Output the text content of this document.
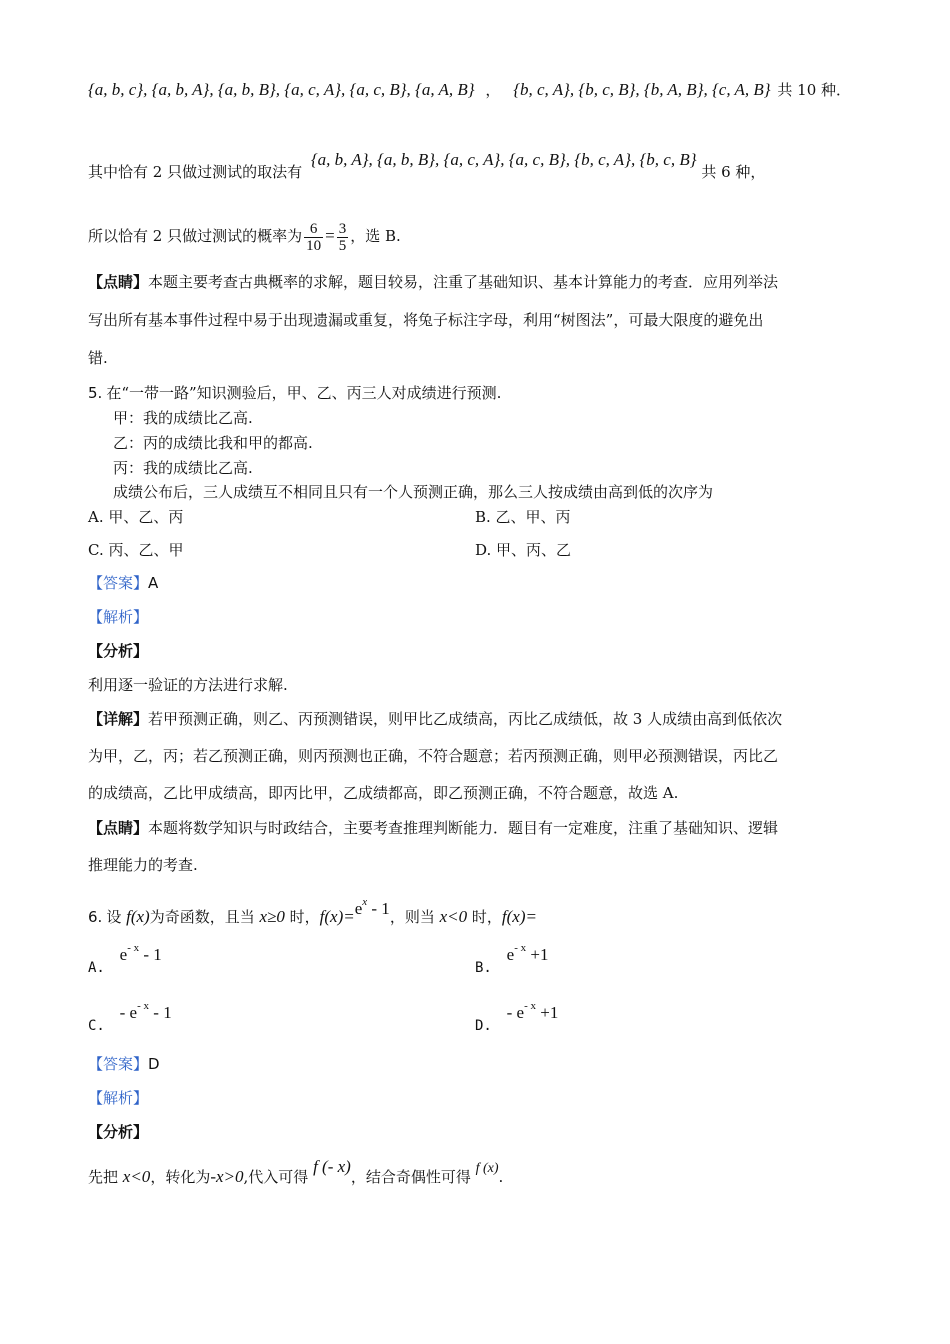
{a, b, c}, {a, b, A}, {a, b, B}, {a, c, A}, {a, c, B}, {a, A, B} ， {b, c, A}, {b, c, B}, {b, A, B}, {c, A, B} 共 10 种．
其中恰有 2 只做过测试的取法有 {a, b, A}, {a, b, B}, {a, c, A}, {a, c, B}, {b, c, A}, {b, c, B} 共 6 种，
所以恰有 2 只做过测试的概率为 $\frac{6}{10} = \frac{3}{5}$ ，选 B.
【点睛】本题主要考查古典概率的求解，题目较易，注重了基础知识、基本计算能力的考查．应用列举法
写出所有基本事件过程中易于出现遗漏或重复，将兔子标注字母，利用“树图法”，可最大限度的避免出
错.
5. 在“一带一路”知识测验后，甲、乙、丙三人对成绩进行预测.
甲：我的成绩比乙高.
乙：丙的成绩比我和甲的都高.
丙：我的成绩比乙高.
成绩公布后，三人成绩互不相同且只有一个人预测正确，那么三人按成绩由高到低的次序为
A. 甲、乙、丙	B. 乙、甲、丙
C. 丙、乙、甲	D. 甲、丙、乙
【答案】A
【解析】
【分析】
利用逐一验证的方法进行求解.
【详解】若甲预测正确，则乙、丙预测错误，则甲比乙成绩高，丙比乙成绩低，故 3 人成绩由高到低依次
为甲，乙，丙；若乙预测正确，则丙预测也正确，不符合题意；若丙预测正确，则甲必预测错误，丙比乙
的成绩高，乙比甲成绩高，即丙比甲，乙成绩都高，即乙预测正确，不符合题意，故选 A.
【点睛】本题将数学知识与时政结合，主要考查推理判断能力．题目有一定难度，注重了基础知识、逻辑
推理能力的考查.
6. 设 f(x)为奇函数，且当 x≥0 时，$f(x)=e^x - 1$，则当 x<0 时，f(x)=
A. $e^{- x} - 1$
B. $e^{- x} +1$
C. - $e^{- x} - 1$
D. - $e^{- x} +1$
【答案】D
【解析】
【分析】
先把 x<0，转化为-x>0,代入可得 f (- x)，结合奇偶性可得 f (x).
